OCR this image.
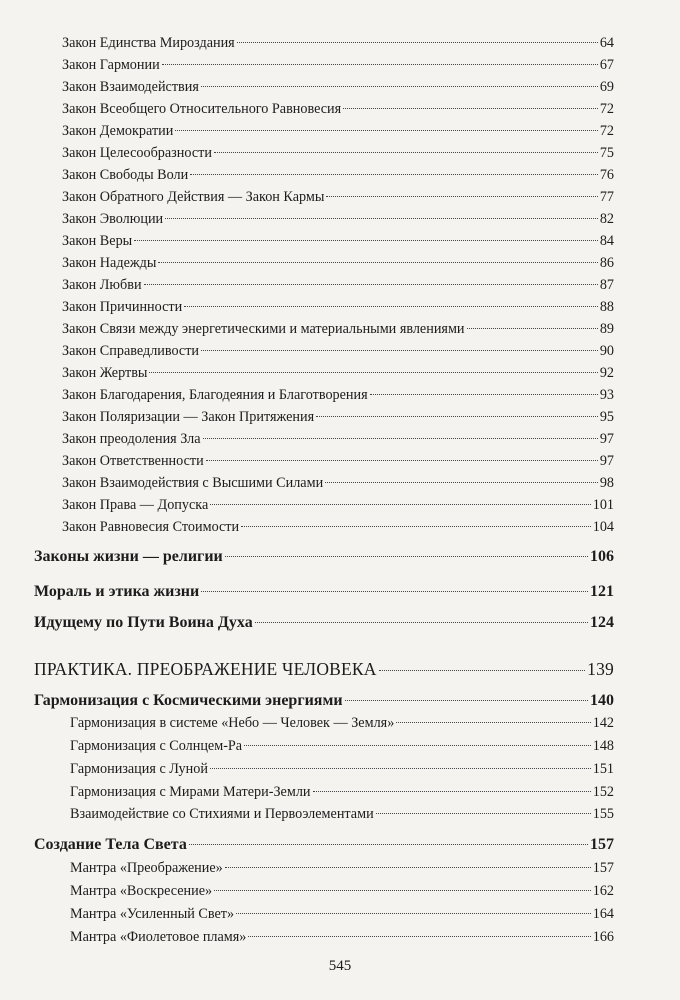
Закон Единства Мироздания	64
Закон Гармонии	67
Закон Взаимодействия	69
Закон Всеобщего Относительного Равновесия	72
Закон Демократии	72
Закон Целесообразности	75
Закон Свободы Воли	76
Закон Обратного Действия — Закон Кармы	77
Закон Эволюции	82
Закон Веры	84
Закон Надежды	86
Закон Любви	87
Закон Причинности	88
Закон Связи между энергетическими и материальными явлениями	89
Закон Справедливости	90
Закон Жертвы	92
Закон Благодарения, Благодеяния и Благотворения	93
Закон Поляризации — Закон Притяжения	95
Закон преодоления Зла	97
Закон Ответственности	97
Закон Взаимодействия с Высшими Силами	98
Закон Права — Допуска	101
Закон Равновесия Стоимости	104
Законы жизни — религии	106
Мораль и этика жизни	121
Идущему по Пути Воина Духа	124
ПРАКТИКА. ПРЕОБРАЖЕНИЕ ЧЕЛОВЕКА	139
Гармонизация с Космическими энергиями	140
Гармонизация в системе «Небо — Человек — Земля»	142
Гармонизация с Солнцем-Ра	148
Гармонизация с Луной	151
Гармонизация с Мирами Матери-Земли	152
Взаимодействие со Стихиями и Первоэлементами	155
Создание Тела Света	157
Мантра «Преображение»	157
Мантра «Воскресение»	162
Мантра «Усиленный Свет»	164
Мантра «Фиолетовое пламя»	166
545
